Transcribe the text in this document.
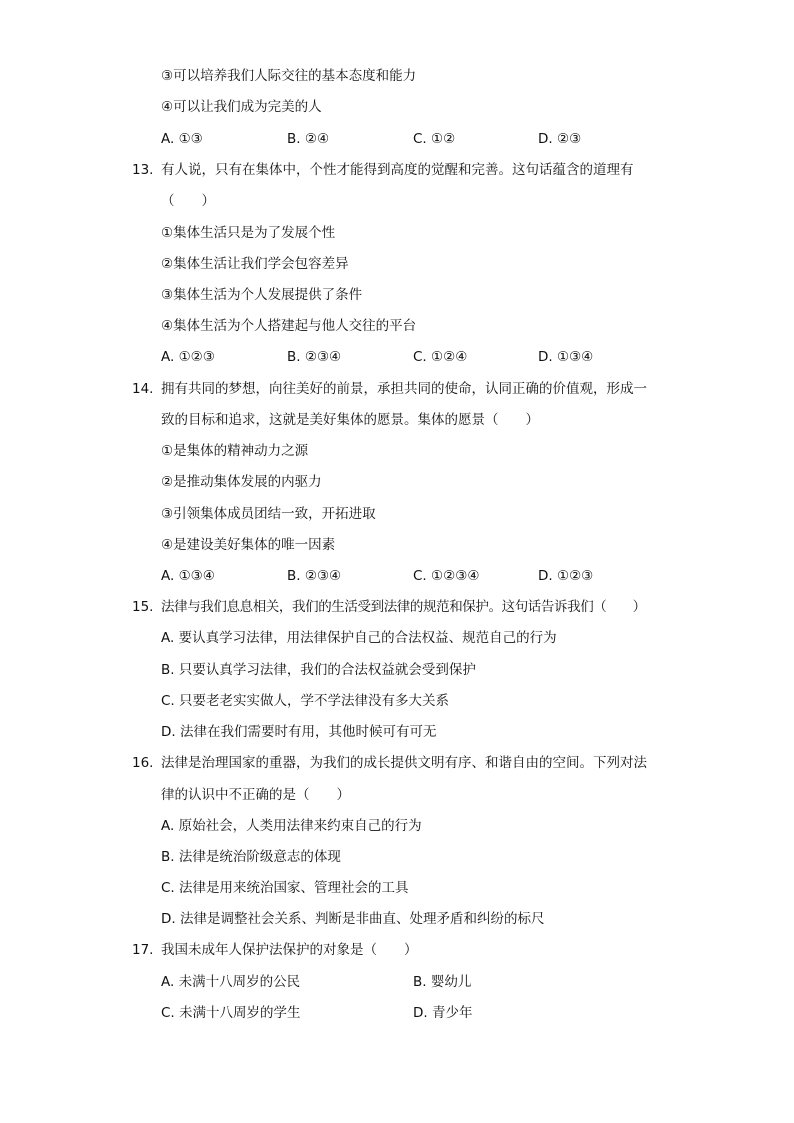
③可以培养我们人际交往的基本态度和能力
④可以让我们成为完美的人
A. ①③	B. ②④	C. ①②	D. ②③
13. 有人说，只有在集体中，个性才能得到高度的觉醒和完善。这句话蕴含的道理有
（　　）
①集体生活只是为了发展个性
②集体生活让我们学会包容差异
③集体生活为个人发展提供了条件
④集体生活为个人搭建起与他人交往的平台
A. ①②③	B. ②③④	C. ①②④	D. ①③④
14. 拥有共同的梦想，向往美好的前景，承担共同的使命，认同正确的价值观，形成一
致的目标和追求，这就是美好集体的愿景。集体的愿景（　　）
①是集体的精神动力之源
②是推动集体发展的内驱力
③引领集体成员团结一致，开拓进取
④是建设美好集体的唯一因素
A. ①③④	B. ②③④	C. ①②③④	D. ①②③
15. 法律与我们息息相关，我们的生活受到法律的规范和保护。这句话告诉我们（　　）
A. 要认真学习法律，用法律保护自己的合法权益、规范自己的行为
B. 只要认真学习法律，我们的合法权益就会受到保护
C. 只要老老实实做人，学不学法律没有多大关系
D. 法律在我们需要时有用，其他时候可有可无
16. 法律是治理国家的重器，为我们的成长提供文明有序、和谐自由的空间。下列对法
律的认识中不正确的是（　　）
A. 原始社会，人类用法律来约束自己的行为
B. 法律是统治阶级意志的体现
C. 法律是用来统治国家、管理社会的工具
D. 法律是调整社会关系、判断是非曲直、处理矛盾和纠纷的标尺
17. 我国未成年人保护法保护的对象是（　　）
A. 未满十八周岁的公民	B. 婴幼儿
C. 未满十八周岁的学生	D. 青少年
